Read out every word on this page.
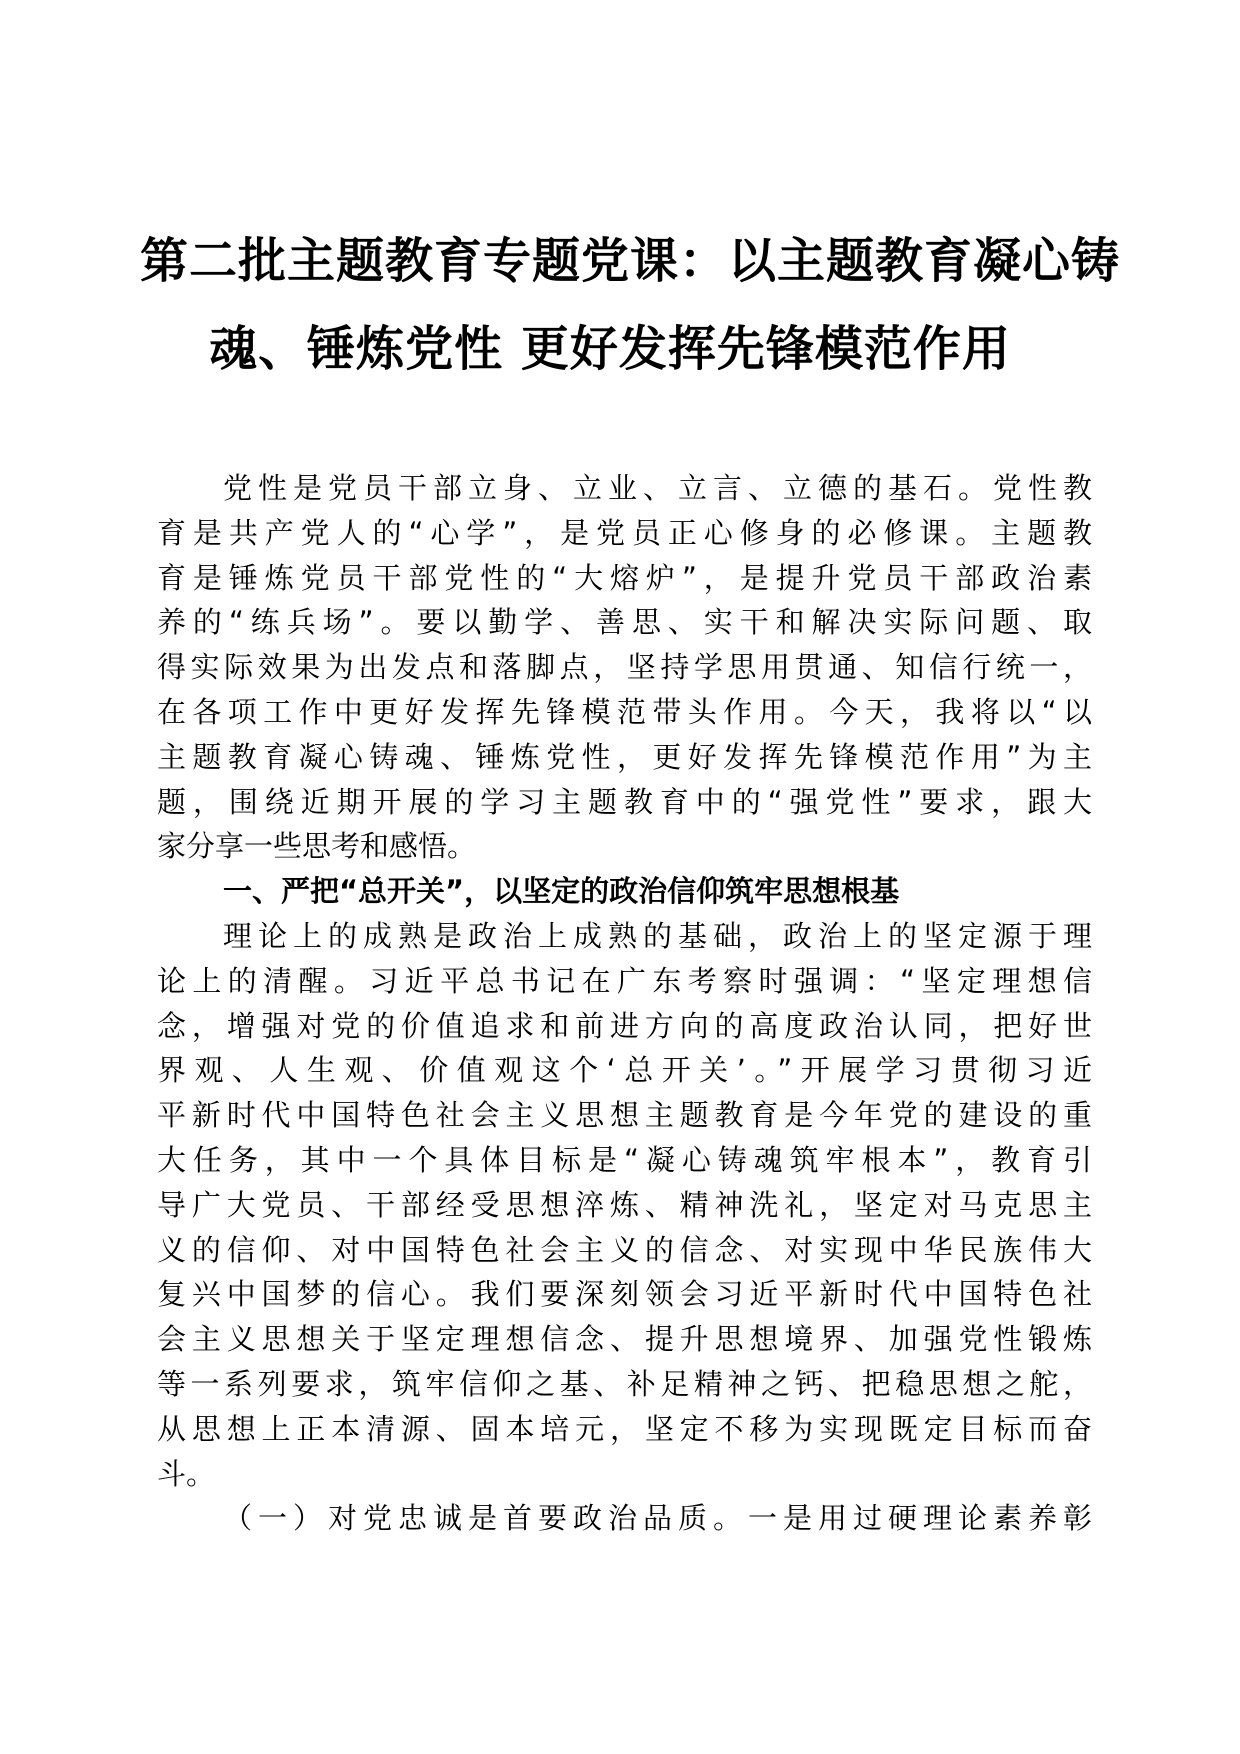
第二批主题教育专题党课：以主题教育凝心铸
魂、锤炼党性 更好发挥先锋模范作用
党性是党员干部立身、立业、立言、立德的基石。党性教
育是共产党人的“心学”，是党员正心修身的必修课。主题教
育是锤炼党员干部党性的“大熔炉”，是提升党员干部政治素
养的“练兵场”。要以勤学、善思、实干和解决实际问题、取
得实际效果为出发点和落脚点，坚持学思用贯通、知信行统一，
在各项工作中更好发挥先锋模范带头作用。今天，我将以“以
主题教育凝心铸魂、锤炼党性，更好发挥先锋模范作用”为主
题，围绕近期开展的学习主题教育中的“强党性”要求，跟大
家分享一些思考和感悟。
一、严把“总开关”，以坚定的政治信仰筑牢思想根基
理论上的成熟是政治上成熟的基础，政治上的坚定源于理
论上的清醒。习近平总书记在广东考察时强调：“坚定理想信
念，增强对党的价值追求和前进方向的高度政治认同，把好世
界观、人生观、价值观这个‘总开关’。”开展学习贯彻习近
平新时代中国特色社会主义思想主题教育是今年党的建设的重
大任务，其中一个具体目标是“凝心铸魂筑牢根本”，教育引
导广大党员、干部经受思想淬炼、精神洗礼，坚定对马克思主
义的信仰、对中国特色社会主义的信念、对实现中华民族伟大
复兴中国梦的信心。我们要深刻领会习近平新时代中国特色社
会主义思想关于坚定理想信念、提升思想境界、加强党性锻炼
等一系列要求，筑牢信仰之基、补足精神之钙、把稳思想之舵，
从思想上正本清源、固本培元，坚定不移为实现既定目标而奋
斗。
（一）对党忠诚是首要政治品质。一是用过硬理论素养彰
